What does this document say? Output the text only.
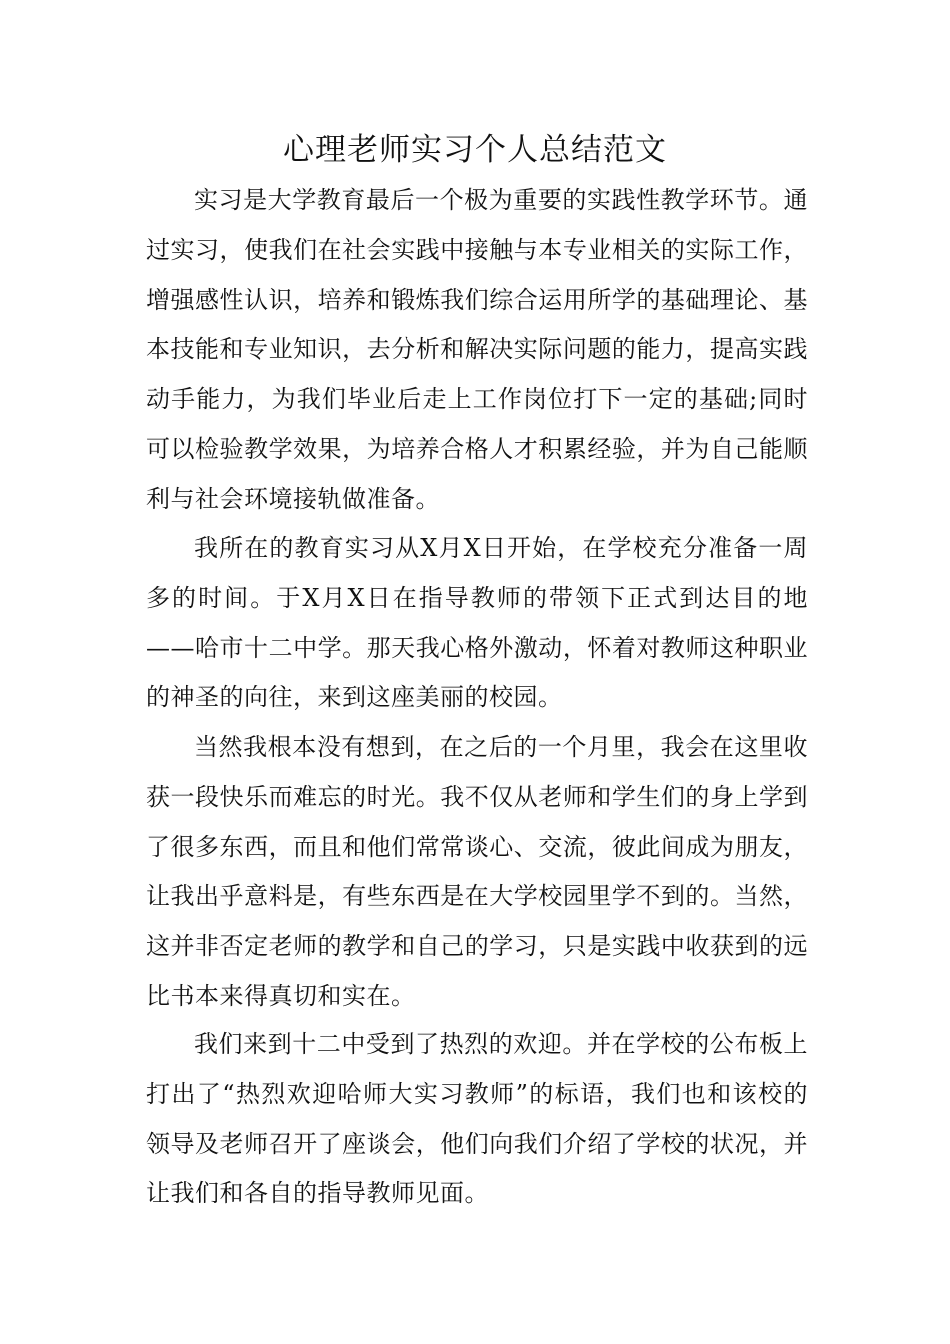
心理老师实习个人总结范文

实习是大学教育最后一个极为重要的实践性教学环节。通过实习，使我们在社会实践中接触与本专业相关的实际工作，增强感性认识，培养和锻炼我们综合运用所学的基础理论、基本技能和专业知识，去分析和解决实际问题的能力，提高实践动手能力，为我们毕业后走上工作岗位打下一定的基础;同时可以检验教学效果，为培养合格人才积累经验，并为自己能顺利与社会环境接轨做准备。

我所在的教育实习从X月X日开始，在学校充分准备一周多的时间。于X月X日在指导教师的带领下正式到达目的地——哈市十二中学。那天我心格外激动，怀着对教师这种职业的神圣的向往，来到这座美丽的校园。

当然我根本没有想到，在之后的一个月里，我会在这里收获一段快乐而难忘的时光。我不仅从老师和学生们的身上学到了很多东西，而且和他们常常谈心、交流，彼此间成为朋友，让我出乎意料是，有些东西是在大学校园里学不到的。当然，这并非否定老师的教学和自己的学习，只是实践中收获到的远比书本来得真切和实在。

我们来到十二中受到了热烈的欢迎。并在学校的公布板上打出了“热烈欢迎哈师大实习教师”的标语，我们也和该校的领导及老师召开了座谈会，他们向我们介绍了学校的状况，并让我们和各自的指导教师见面。
